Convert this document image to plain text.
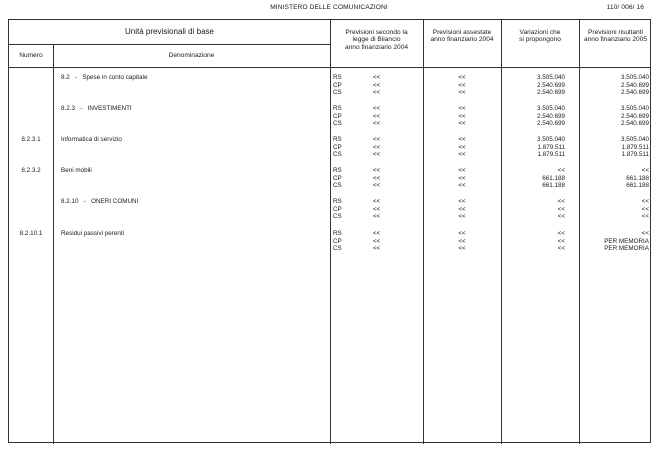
MINISTERO DELLE COMUNICAZIONI	110/ 006/ 16
Unità previsionali di base
Numero	Denominazione
Previsioni secondo la
legge di Bilancio
anno finanziario 2004
Previsioni assestate
anno finanziario 2004
Variazioni che
si propongono
Previsioni risultanti
anno finanziario 2005
8.2   -   Spese in conto capitale	RS	<<	<<	3.505.040	3.505.040
CP	<<	<<	2.540.699	2.540.699
CS	<<	<<	2.540.699	2.540.699
8.2.3   -   INVESTIMENTI	RS	<<	<<	3.505.040	3.505.040
CP	<<	<<	2.540.699	2.540.699
CS	<<	<<	2.540.699	2.540.699
8.2.3.1	Informatica di servizio	RS	<<	<<	3.505.040	3.505.040
CP	<<	<<	1.879.511	1.879.511
CS	<<	<<	1.879.511	1.879.511
8.2.3.2	Beni mobili	RS	<<	<<	<<	<<
CP	<<	<<	661.188	661.188
CS	<<	<<	661.188	661.188
8.2.10   -   ONERI COMUNI	RS	<<	<<	<<	<<
CP	<<	<<	<<	<<
CS	<<	<<	<<	<<
8.2.10.1	Residui passivi perenti	RS	<<	<<	<<	<<
CP	<<	<<	<<	PER MEMORIA
CS	<<	<<	<<	PER MEMORIA
